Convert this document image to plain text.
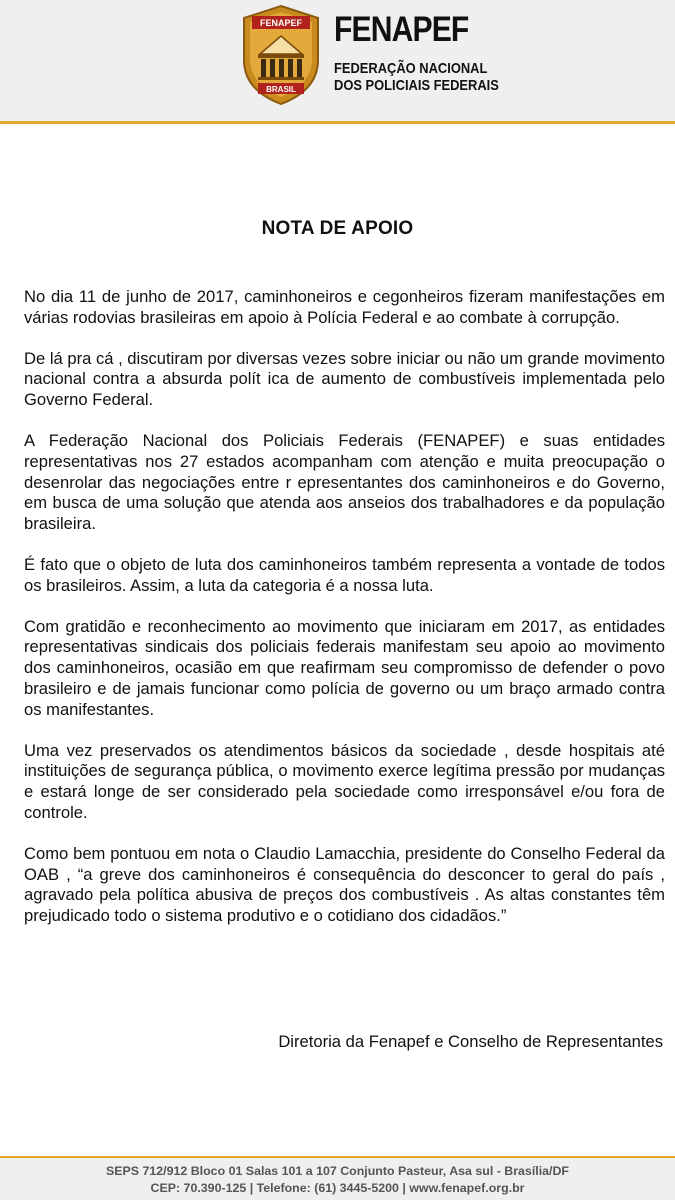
FENAPEF
BRASIL
FENAPEF
FEDERAÇÃO NACIONAL
DOS POLICIAIS FEDERAIS
NOTA DE APOIO

No dia 11 de junho de 2017, caminhoneiros e cegonheiros fizeram manifestações em várias rodovias brasileiras em apoio à Polícia Federal e ao combate à corrupção.

De lá pra cá , discutiram por diversas vezes sobre iniciar ou não um grande movimento nacional contra a absurda polít ica de aumento de combustíveis implementada pelo Governo Federal.

A Federação Nacional dos Policiais Federais (FENAPEF) e suas entidades representativas nos 27 estados acompanham com atenção e muita preocupação o desenrolar das negociações entre r epresentantes dos caminhoneiros e do Governo, em busca de uma solução que atenda aos anseios dos trabalhadores e da população brasileira.

É fato que o objeto de luta dos caminhoneiros também representa a vontade de todos os brasileiros. Assim, a luta da categoria é a nossa luta.

Com gratidão e reconhecimento ao movimento que iniciaram em 2017, as entidades representativas sindicais dos policiais federais manifestam seu apoio ao movimento dos caminhoneiros, ocasião em que reafirmam seu compromisso de defender o povo brasileiro e de jamais funcionar como polícia de governo ou um braço armado contra os manifestantes.

Uma vez preservados os atendimentos básicos da sociedade , desde hospitais até instituições de segurança pública, o movimento exerce legítima pressão por mudanças e estará longe de ser considerado pela sociedade como irresponsável e/ou fora de controle.

Como bem pontuou em nota o Claudio Lamacchia, presidente do Conselho Federal da OAB , “a greve dos caminhoneiros é consequência do desconcer to geral do país , agravado pela política abusiva de preços dos combustíveis . As altas constantes têm prejudicado todo o sistema produtivo e o cotidiano dos cidadãos.”

Diretoria da Fenapef e Conselho de Representantes
SEPS 712/912 Bloco 01 Salas 101 a 107 Conjunto Pasteur, Asa sul - Brasília/DF
CEP: 70.390-125 | Telefone: (61) 3445-5200 | www.fenapef.org.br
